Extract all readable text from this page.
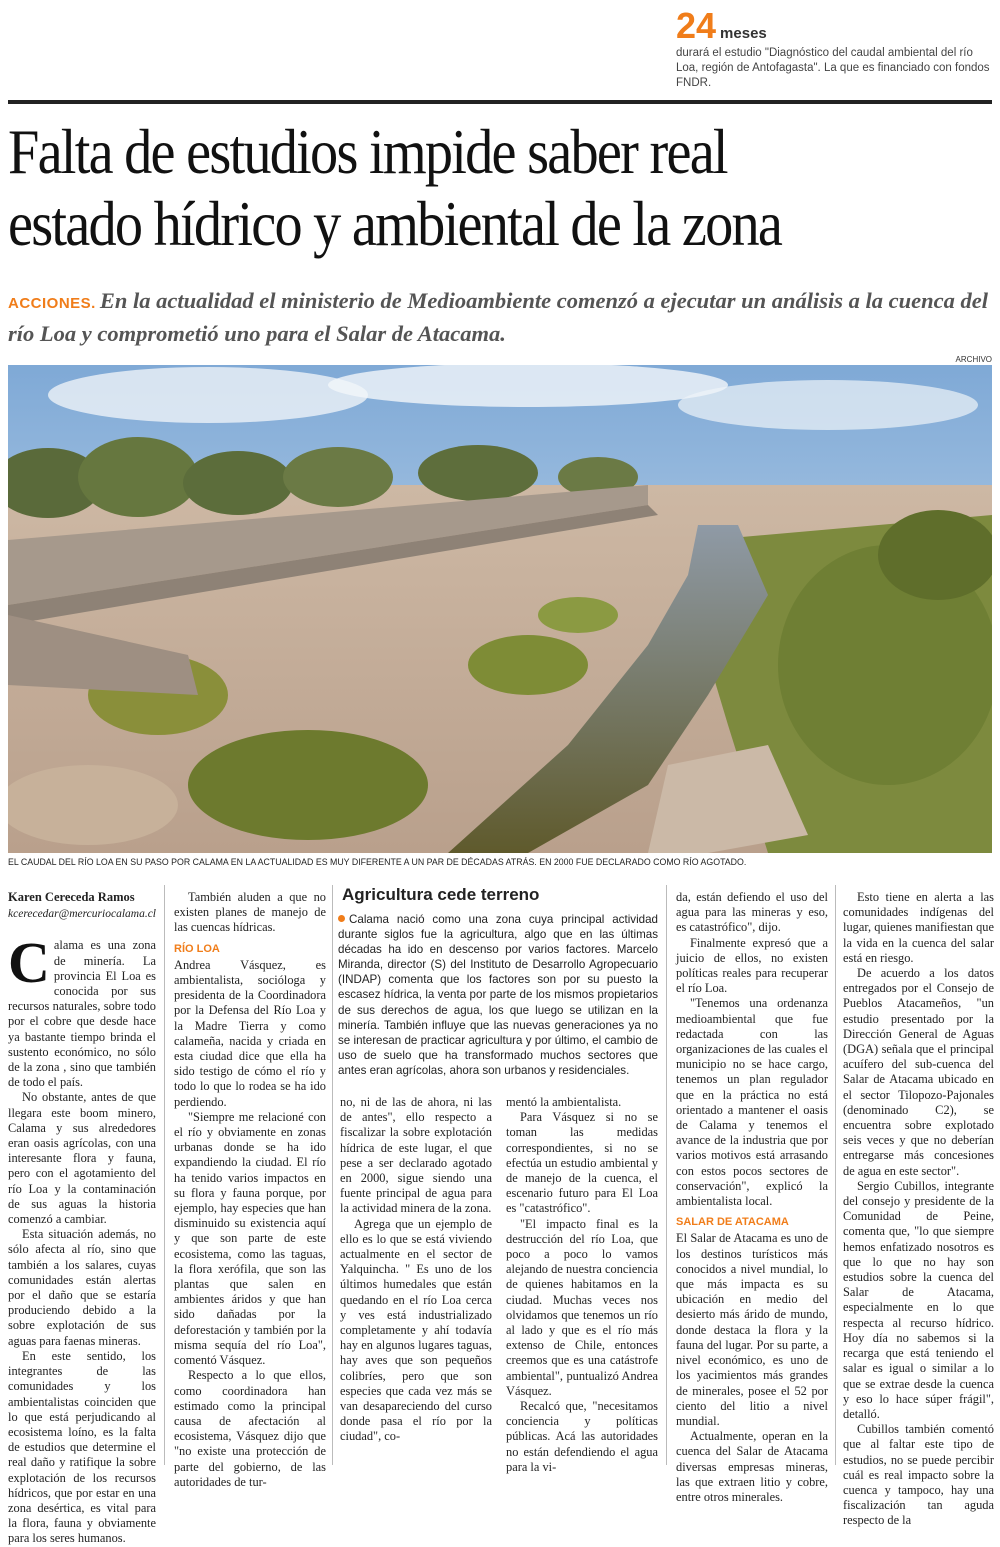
24 meses
durará el estudio "Diagnóstico del caudal ambiental del río Loa, región de Antofagasta". La que es financiado con fondos FNDR.
Falta de estudios impide saber real
estado hídrico y ambiental de la zona
ACCIONES. En la actualidad el ministerio de Medioambiente comenzó a ejecutar un análisis a la cuenca del río Loa y comprometió uno para el Salar de Atacama.
ARCHIVO
EL CAUDAL DEL RÍO LOA EN SU PASO POR CALAMA EN LA ACTUALIDAD ES MUY DIFERENTE A UN PAR DE DÉCADAS ATRÁS. EN 2000 FUE DECLARADO COMO RÍO AGOTADO.
Karen Cereceda Ramos
kcerecedar@mercuriocalama.cl

Calama es una zona de minería. La provincia El Loa es conocida por sus recursos naturales, sobre todo por el cobre que desde hace ya bastante tiempo brinda el sustento económico, no sólo de la zona , sino que también de todo el país.

No obstante, antes de que llegara este boom minero, Calama y sus alrededores eran oasis agrícolas, con una interesante flora y fauna, pero con el agotamiento del río Loa y la contaminación de sus aguas la historia comenzó a cambiar.

Esta situación además, no sólo afecta al río, sino que también a los salares, cuyas comunidades están alertas por el daño que se estaría produciendo debido a la sobre explotación de sus aguas para faenas mineras.

En este sentido, los integrantes de las comunidades y los ambientalistas coinciden que lo que está perjudicando al ecosistema loíno, es la falta de estudios que determine el real daño y ratifique la sobre explotación de los recursos hídricos, que por estar en una zona desértica, es vital para la flora, fauna y obviamente para los seres humanos.

También aluden a que no existen planes de manejo de las cuencas hídricas.

RÍO LOA

Andrea Vásquez, es ambientalista, socióloga y presidenta de la Coordinadora por la Defensa del Río Loa y la Madre Tierra y como calameña, nacida y criada en esta ciudad dice que ella ha sido testigo de cómo el río y todo lo que lo rodea se ha ido perdiendo.

"Siempre me relacioné con el río y obviamente en zonas urbanas donde se ha ido expandiendo la ciudad. El río ha tenido varios impactos en su flora y fauna porque, por ejemplo, hay especies que han disminuido su existencia aquí y que son parte de este ecosistema, como las taguas, la flora xerófila, que son las plantas que salen en ambientes áridos y que han sido dañadas por la deforestación y también por la misma sequía del río Loa", comentó Vásquez.

Respecto a lo que ellos, como coordinadora han estimado como la principal causa de afectación al ecosistema, Vásquez dijo que "no existe una protección de parte del gobierno, de las autoridades de tur-

Agricultura cede terreno
Calama nació como una zona cuya principal actividad durante siglos fue la agricultura, algo que en las últimas décadas ha ido en descenso por varios factores. Marcelo Miranda, director (S) del Instituto de Desarrollo Agropecuario (INDAP) comenta que los factores son por su puesto la escasez hídrica, la venta por parte de los mismos propietarios de sus derechos de agua, los que luego se utilizan en la minería. También influye que las nuevas generaciones ya no se interesan de practicar agricultura y por último, el cambio de uso de suelo que ha transformado muchos sectores que antes eran agrícolas, ahora son urbanos y residenciales.

no, ni de las de ahora, ni las de antes", ello respecto a fiscalizar la sobre explotación hídrica de este lugar, el que pese a ser declarado agotado en 2000, sigue siendo una fuente principal de agua para la actividad minera de la zona.

Agrega que un ejemplo de ello es lo que se está viviendo actualmente en el sector de Yalquincha. " Es uno de los últimos humedales que están quedando en el río Loa cerca y ves está industrializado completamente y ahí todavía hay en algunos lugares taguas, hay aves que son pequeños colibríes, pero que son especies que cada vez más se van desapareciendo del curso donde pasa el río por la ciudad", co-

mentó la ambientalista.

Para Vásquez si no se toman las medidas correspondientes, si no se efectúa un estudio ambiental y de manejo de la cuenca, el escenario futuro para El Loa es "catastrófico".

"El impacto final es la destrucción del río Loa, que poco a poco lo vamos alejando de nuestra conciencia de quienes habitamos en la ciudad. Muchas veces nos olvidamos que tenemos un río al lado y que es el río más extenso de Chile, entonces creemos que es una catástrofe ambiental", puntualizó Andrea Vásquez.

Recalcó que, "necesitamos conciencia y políticas públicas. Acá las autoridades no están defendiendo el agua para la vi-

da, están defiendo el uso del agua para las mineras y eso, es catastrófico", dijo.

Finalmente expresó que a juicio de ellos, no existen políticas reales para recuperar el río Loa.

"Tenemos una ordenanza medioambiental que fue redactada con las organizaciones de las cuales el municipio no se hace cargo, tenemos un plan regulador que en la práctica no está orientado a mantener el oasis de Calama y tenemos el avance de la industria que por varios motivos está arrasando con estos pocos sectores de conservación", explicó la ambientalista local.

SALAR DE ATACAMA

El Salar de Atacama es uno de los destinos turísticos más conocidos a nivel mundial, lo que más impacta es su ubicación en medio del desierto más árido de mundo, donde destaca la flora y la fauna del lugar. Por su parte, a nivel económico, es uno de los yacimientos más grandes de minerales, posee el 52 por ciento del litio a nivel mundial.

Actualmente, operan en la cuenca del Salar de Atacama diversas empresas mineras, las que extraen litio y cobre, entre otros minerales.

Esto tiene en alerta a las comunidades indígenas del lugar, quienes manifiestan que la vida en la cuenca del salar está en riesgo.

De acuerdo a los datos entregados por el Consejo de Pueblos Atacameños, "un estudio presentado por la Dirección General de Aguas (DGA) señala que el principal acuífero del sub-cuenca del Salar de Atacama ubicado en el sector Tilopozo-Pajonales (denominado C2), se encuentra sobre explotado seis veces y que no deberían entregarse más concesiones de agua en este sector".

Sergio Cubillos, integrante del consejo y presidente de la Comunidad de Peine, comenta que, "lo que siempre hemos enfatizado nosotros es que lo que no hay son estudios sobre la cuenca del Salar de Atacama, especialmente en lo que respecta al recurso hídrico. Hoy día no sabemos si la recarga que está teniendo el salar es igual o similar a lo que se extrae desde la cuenca y eso lo hace súper frágil", detalló.

Cubillos también comentó que al faltar este tipo de estudios, no se puede percibir cuál es real impacto sobre la cuenca y tampoco, hay una fiscalización tan aguda respecto de la
